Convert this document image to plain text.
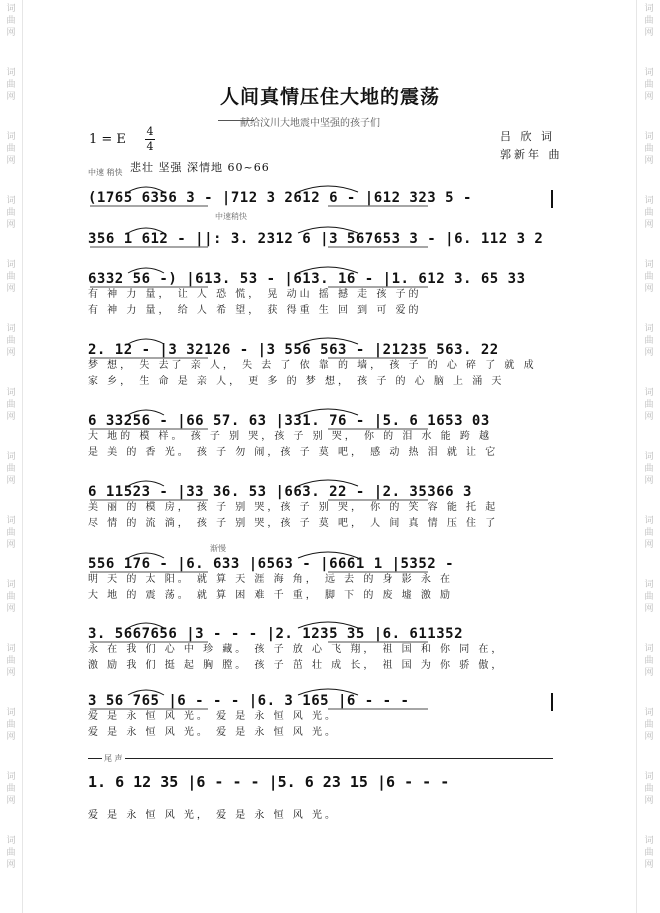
词
曲
网
词
曲
网
词
曲
网
词
曲
网
词
曲
网
词
曲
网
词
曲
网
词
曲
网
词
曲
网
词
曲
网
词
曲
网
词
曲
网
词
曲
网
词
曲
网
词
曲
网
词
曲
网
词
曲
网
词
曲
网
词
曲
网
词
曲
网
词
曲
网
词
曲
网
词
曲
网
词
曲
网
词
曲
网
词
曲
网
词
曲
网
词
曲
网
人间真情压住大地的震荡
献给汶川大地震中坚强的孩子们
1 = E
4
4
吕 欣 词
郭新年 曲
中速 稍快 悲壮 坚强 深情地 60~66
中速稍快
渐慢
(1765 6356 3 - |712 3 2612 6 - |612 323 5 -
356 1 612 - ||: 3. 2312 6 |3 567653 3 - |6. 112 3 2
6332 56 -) |613. 53 - |613. 16 - |1. 612 3. 65 33
有 神 力 量， 让 人 恐 慌， 晃 动山 摇 撼 走 孩 子的
有 神 力 量， 给 人 希 望， 获 得重 生 回 到 可 爱的
2. 12 - |3 32126 - |3 556 563 - |21235 563. 22
梦 想， 失 去了 亲 人， 失 去 了 依 靠 的 墙， 孩 子 的 心 碎 了 就 成
家 乡， 生 命 是 亲 人， 更 多 的 梦 想， 孩 子 的 心 脑 上 涌 天
6 33256 - |66 57. 63 |331. 76 - |5. 6 1653 03
大 地的 模 样。 孩 子 别 哭，孩 子 别 哭， 你 的 泪 水 能 跨 越
是 美 的 香 光。 孩 子 勿 闹，孩 子 莫 吧， 感 动 热 泪 就 让 它
6 11523 - |33 36. 53 |663. 22 - |2. 35366 3
美 丽 的 模 房， 孩 子 别 哭，孩 子 别 哭， 你 的 笑 容 能 托 起
尽 情 的 流 淌， 孩 子 别 哭，孩 子 莫 吧， 人 间 真 情 压 住 了
556 176 - |6. 633 |6563 - |6661 1 |5352 -
明 天 的 太 阳。 就 算 天 涯 海 角， 远 去 的 身 影 永 在
大 地 的 震 荡。 就 算 困 难 千 重， 脚 下 的 废 墟 激 励
3. 5667656 |3 - - - |2. 1235 35 |6. 611352
永 在 我 们 心 中 珍 藏。 孩 子 放 心 飞 翔， 祖 国 和 你 同 在，
激 励 我 们 挺 起 胸 膛。 孩 子 茁 壮 成 长， 祖 国 为 你 骄 傲，
3 56 765 |6 - - - |6. 3 165 |6 - - -
爱 是 永 恒 风 光。 爱 是 永 恒 风 光。
爱 是 永 恒 风 光。 爱 是 永 恒 风 光。
尾 声
1. 6 12 35 |6 - - - |5. 6 23 15 |6 - - -
爱 是 永 恒 风 光， 爱 是 永 恒 风 光。
